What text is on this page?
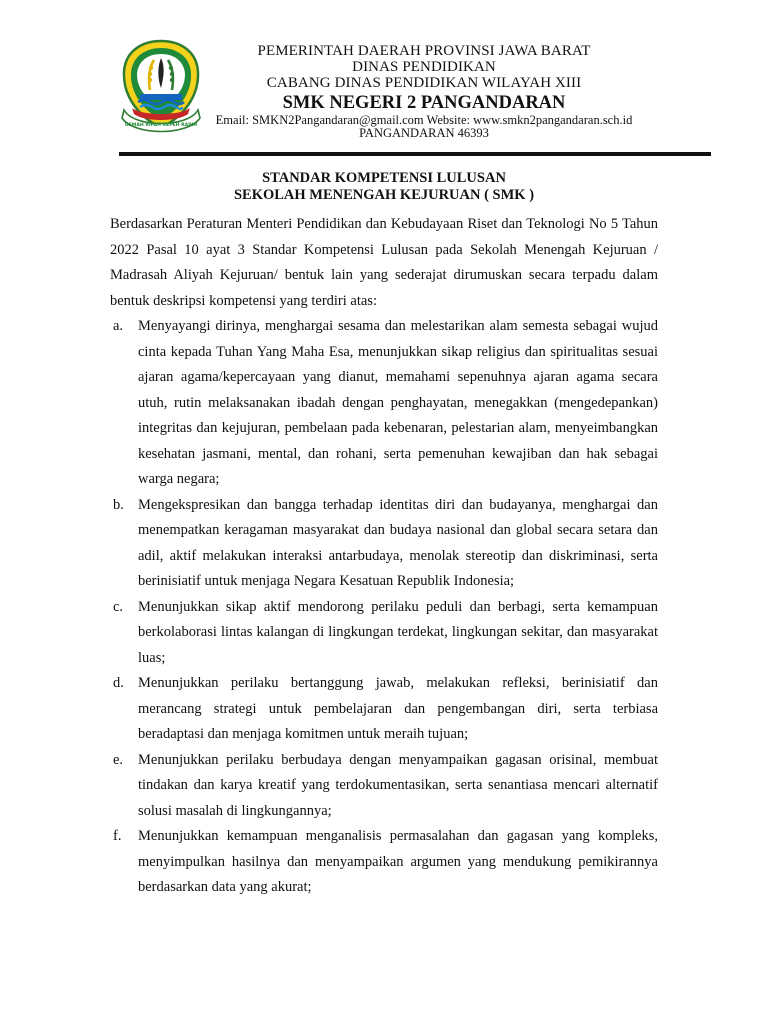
GEMAH RIPAH REPEH RAPIH
PEMERINTAH DAERAH PROVINSI JAWA BARAT
DINAS PENDIDIKAN
CABANG DINAS PENDIDIKAN WILAYAH XIII
SMK NEGERI 2 PANGANDARAN
Email: SMKN2Pangandaran@gmail.com Website: www.smkn2pangandaran.sch.id
PANGANDARAN 46393
STANDAR KOMPETENSI LULUSAN
SEKOLAH MENENGAH KEJURUAN ( SMK )

Berdasarkan Peraturan Menteri Pendidikan dan Kebudayaan Riset dan Teknologi No 5 Tahun 2022 Pasal 10 ayat 3 Standar Kompetensi Lulusan pada Sekolah Menengah Kejuruan / Madrasah Aliyah Kejuruan/ bentuk lain yang sederajat dirumuskan secara terpadu dalam bentuk deskripsi kompetensi yang terdiri atas:

a. Menyayangi dirinya, menghargai sesama dan melestarikan alam semesta sebagai wujud cinta kepada Tuhan Yang Maha Esa, menunjukkan sikap religius dan spiritualitas sesuai ajaran agama/kepercayaan yang dianut, memahami sepenuhnya ajaran agama secara utuh, rutin melaksanakan ibadah dengan penghayatan, menegakkan (mengedepankan) integritas dan kejujuran, pembelaan pada kebenaran, pelestarian alam, menyeimbangkan kesehatan jasmani, mental, dan rohani, serta pemenuhan kewajiban dan hak sebagai warga negara;
b. Mengekspresikan dan bangga terhadap identitas diri dan budayanya, menghargai dan menempatkan keragaman masyarakat dan budaya nasional dan global secara setara dan adil, aktif melakukan interaksi antarbudaya, menolak stereotip dan diskriminasi, serta berinisiatif untuk menjaga Negara Kesatuan Republik Indonesia;
c. Menunjukkan sikap aktif mendorong perilaku peduli dan berbagi, serta kemampuan berkolaborasi lintas kalangan di lingkungan terdekat, lingkungan sekitar, dan masyarakat luas;
d. Menunjukkan perilaku bertanggung jawab, melakukan refleksi, berinisiatif dan merancang strategi untuk pembelajaran dan pengembangan diri, serta terbiasa beradaptasi dan menjaga komitmen untuk meraih tujuan;
e. Menunjukkan perilaku berbudaya dengan menyampaikan gagasan orisinal, membuat tindakan dan karya kreatif yang terdokumentasikan, serta senantiasa mencari alternatif solusi masalah di lingkungannya;
f. Menunjukkan kemampuan menganalisis permasalahan dan gagasan yang kompleks, menyimpulkan hasilnya dan menyampaikan argumen yang mendukung pemikirannya berdasarkan data yang akurat;
